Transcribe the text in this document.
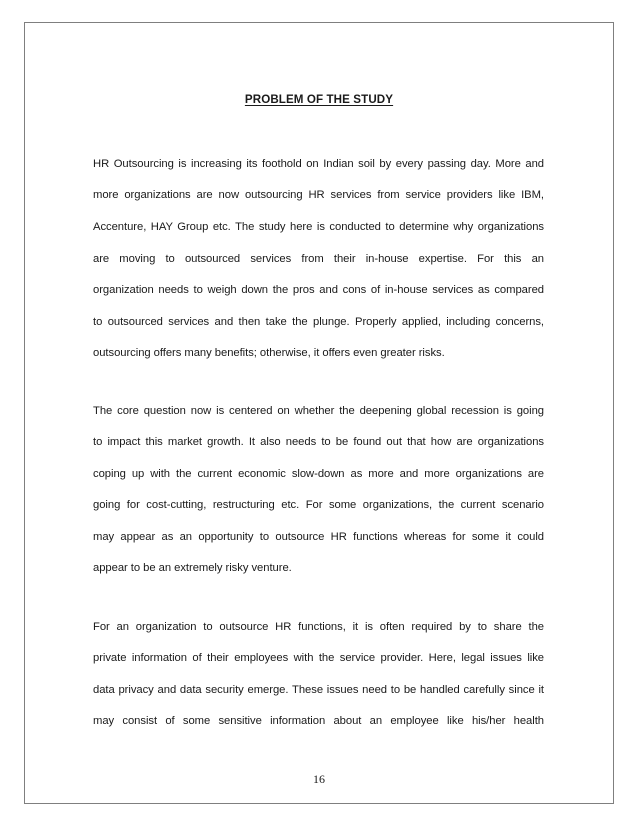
PROBLEM OF THE STUDY
HR Outsourcing is increasing its foothold on Indian soil by every passing day. More and
more organizations are now outsourcing HR services from service providers like IBM,
Accenture, HAY Group etc. The study here is conducted to determine why organizations
are moving to outsourced services from their in-house expertise. For this an
organization needs to weigh down the pros and cons of in-house services as compared
to outsourced services and then take the plunge. Properly applied, including concerns,
outsourcing offers many benefits; otherwise, it offers even greater risks.
The core question now is centered on whether the deepening global recession is going
to impact this market growth. It also needs to be found out that how are organizations
coping up with the current economic slow-down as more and more organizations are
going for cost-cutting, restructuring etc. For some organizations, the current scenario
may appear as an opportunity to outsource HR functions whereas for some it could
appear to be an extremely risky venture.
For an organization to outsource HR functions, it is often required by to share the
private information of their employees with the service provider. Here, legal issues like
data privacy and data security emerge. These issues need to be handled carefully since it
may consist of some sensitive information about an employee like his/her health
16
